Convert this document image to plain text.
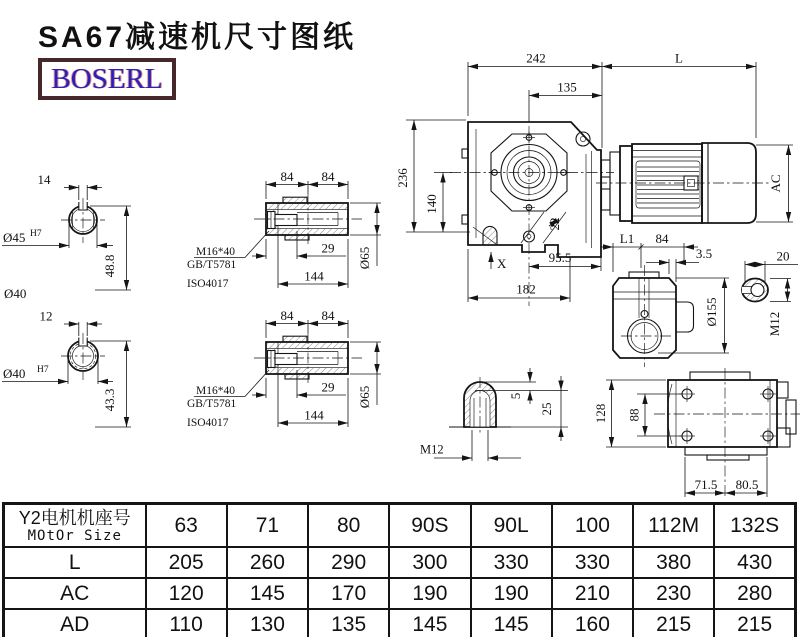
SA67减速机尺寸图纸
BOSERL
14
Ø45 H7
48.8
Ø40
12
Ø40 H7
43.3
84 84
29
144
Ø65
M16*40
GB/T5781
ISO4017
84 84
29
144
Ø65
M16*40
GB/T5781
ISO4017
242	L
135
236
140
22
AC
95.5
X
182
L1 84
3.5
Ø155
20
M12
5
25
M12
128 88
71.5 80.5
Y2电机机座号
MOtOr Size	63	71	80	90S	90L	100	112M	132S
L	205	260	290	300	330	330	380	430
AC	120	145	170	190	190	210	230	280
AD	110	130	135	145	145	160	215	215
